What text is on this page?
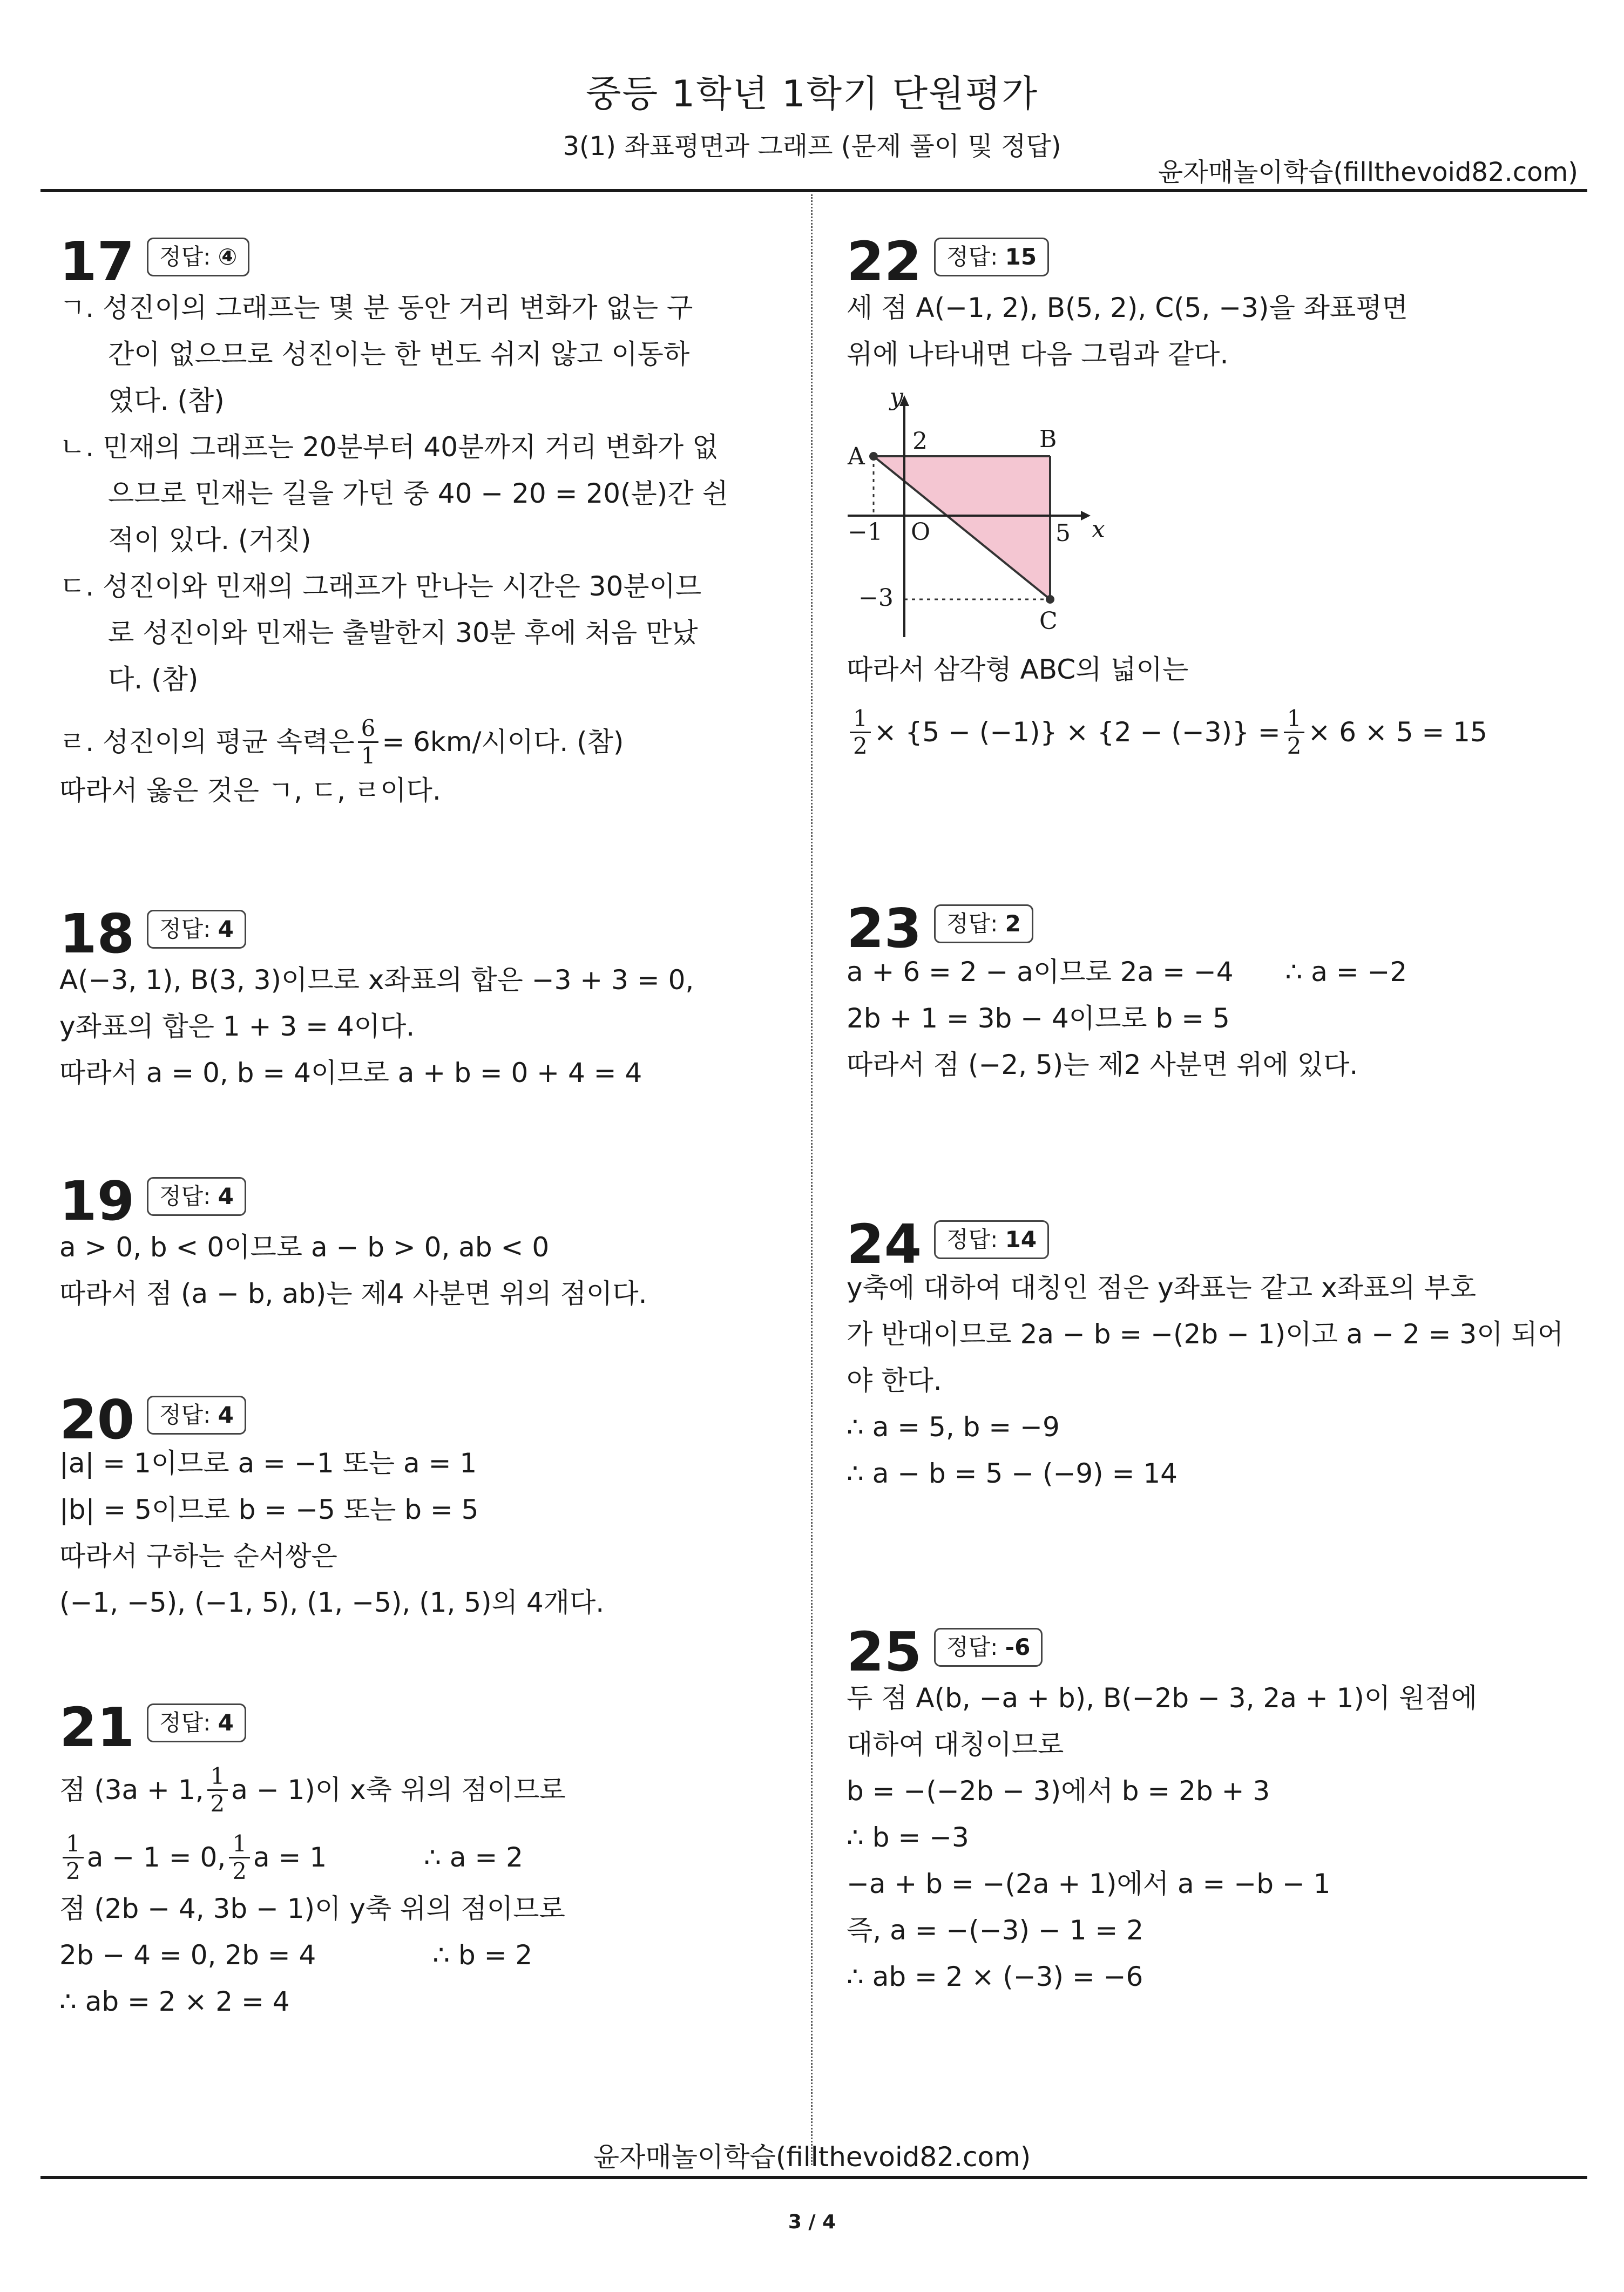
중등 1학년 1학기 단원평가
3(1) 좌표평면과 그래프 (문제 풀이 및 정답)
윤자매놀이학습(fillthevoid82.com)
17	정답: ④
ㄱ. 성진이의 그래프는 몇 분 동안 거리 변화가 없는 구
간이 없으므로 성진이는 한 번도 쉬지 않고 이동하
였다. (참)
ㄴ. 민재의 그래프는 20분부터 40분까지 거리 변화가 없
으므로 민재는 길을 가던 중 40 − 20 = 20(분)간 쉰
적이 있다. (거짓)
ㄷ. 성진이와 민재의 그래프가 만나는 시간은 30분이므
로 성진이와 민재는 출발한지 30분 후에 처음 만났
다. (참)
ㄹ. 성진이의 평균 속력은 $\frac{6}{1} = 6km/$시이다. (참)
따라서 옳은 것은 ㄱ, ㄷ, ㄹ이다.
18	정답: 4
A(−3, 1), B(3, 3)이므로 x좌표의 합은 −3 + 3 = 0,
y좌표의 합은 1 + 3 = 4이다.
따라서 a = 0, b = 4이므로 a + b = 0 + 4 = 4
19	정답: 4
a > 0, b < 0이므로 a − b > 0, ab < 0
따라서 점 (a − b, ab)는 제4 사분면 위의 점이다.
20	정답: 4
|a| = 1이므로 a = −1 또는 a = 1
|b| = 5이므로 b = −5 또는 b = 5
따라서 구하는 순서쌍은
(−1, −5), (−1, 5), (1, −5), (1, 5)의 4개다.
21	정답: 4
점 (3a + 1, $\frac{1}{2}$ a − 1)이 x축 위의 점이므로
$\frac{1}{2}$ a − 1 = 0, $\frac{1}{2}$ a = 1	∴ a = 2
점 (2b − 4, 3b − 1)이 y축 위의 점이므로
2b − 4 = 0, 2b = 4	∴ b = 2
∴ ab = 2 × 2 = 4
22	정답: 15
세 점 A(−1, 2), B(5, 2), C(5, −3)을 좌표평면
위에 나타내면 다음 그림과 같다.
y
x
A
B
C
O
2
5
−1
−3
따라서 삼각형 ABC의 넓이는
$\frac{1}{2} \times \{5 - (-1)\} \times \{2 - (-3)\} = \frac{1}{2} \times 6 \times 5 = 15$
23	정답: 2
a + 6 = 2 − a이므로 2a = −4 ∴ a = −2
2b + 1 = 3b − 4이므로 b = 5
따라서 점 (−2, 5)는 제2 사분면 위에 있다.
24	정답: 14
y축에 대하여 대칭인 점은 y좌표는 같고 x좌표의 부호
가 반대이므로 2a − b = −(2b − 1)이고 a − 2 = 3이 되어
야 한다.
∴ a = 5, b = −9
∴ a − b = 5 − (−9) = 14
25	정답: -6
두 점 A(b, −a + b), B(−2b − 3, 2a + 1)이 원점에
대하여 대칭이므로
b = −(−2b − 3)에서 b = 2b + 3
∴ b = −3
−a + b = −(2a + 1)에서 a = −b − 1
즉, a = −(−3) − 1 = 2
∴ ab = 2 × (−3) = −6
윤자매놀이학습(fillthevoid82.com)
3 / 4
